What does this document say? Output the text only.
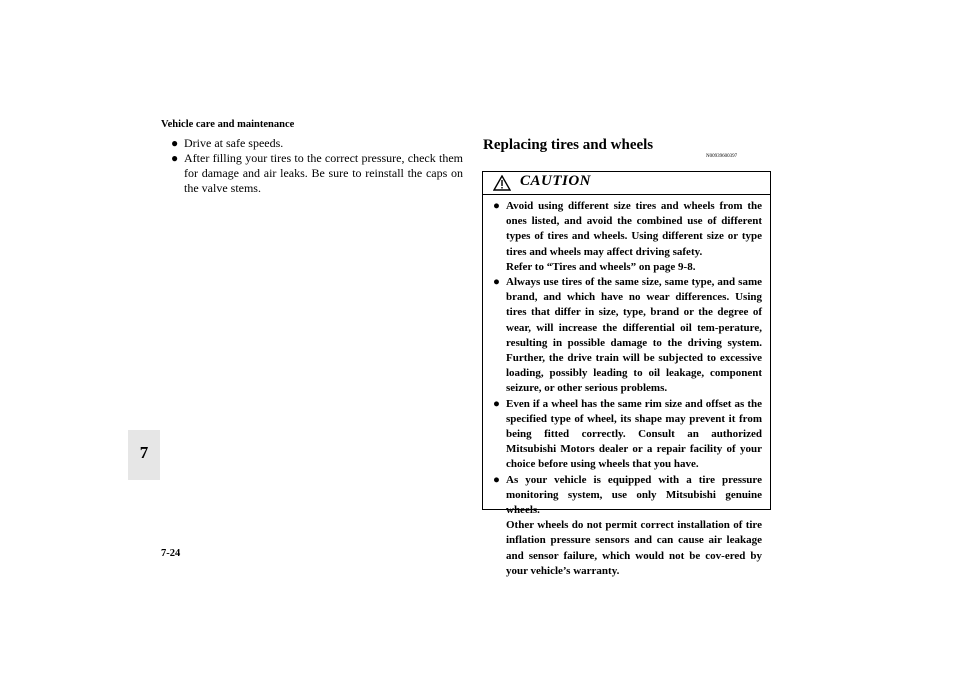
Vehicle care and maintenance
7
7-24

● Drive at safe speeds.

● After filling your tires to the correct pressure, check them for damage and air leaks. Be sure to reinstall the caps on the valve stems.

Replacing tires and wheels
N00939600397
CAUTION
● Avoid using different size tires and wheels from the ones listed, and avoid the combined use of different types of tires and wheels. Using different size or type tires and wheels may affect driving safety.

Refer to “Tires and wheels” on page 9-8.

● Always use tires of the same size, same type, and same brand, and which have no wear differences. Using tires that differ in size, type, brand or the degree of wear, will increase the differential oil tem-perature, resulting in possible damage to the driving system. Further, the drive train will be subjected to excessive loading, possibly leading to oil leakage, component seizure, or other serious problems.

● Even if a wheel has the same rim size and offset as the specified type of wheel, its shape may prevent it from being fitted correctly. Consult an authorized Mitsubishi Motors dealer or a repair facility of your choice before using wheels that you have.

● As your vehicle is equipped with a tire pressure monitoring system, use only Mitsubishi genuine wheels.

Other wheels do not permit correct installation of tire inflation pressure sensors and can cause air leakage and sensor failure, which would not be cov-ered by your vehicle’s warranty.
